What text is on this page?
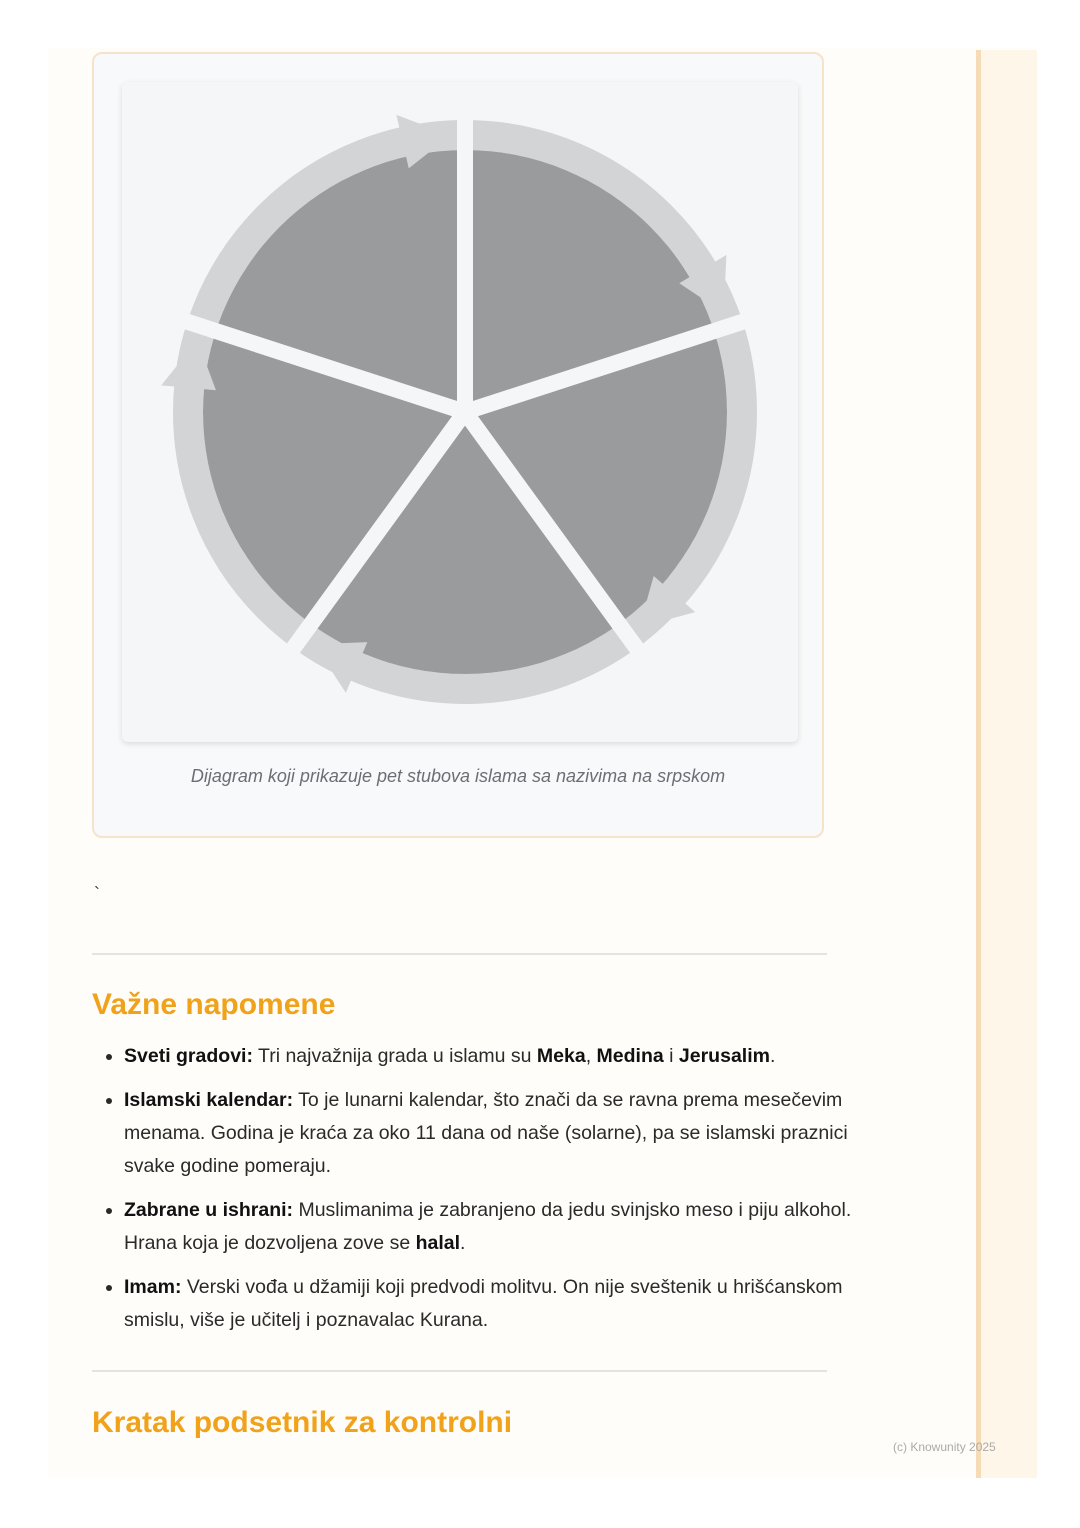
Dijagram koji prikazuje pet stubova islama sa nazivima na srpskom
`
Važne napomene
• Sveti gradovi: Tri najvažnija grada u islamu su Meka, Medina i Jerusalim.
• Islamski kalendar: To je lunarni kalendar, što znači da se ravna prema mesečevim menama. Godina je kraća za oko 11 dana od naše (solarne), pa se islamski praznici svake godine pomeraju.
• Zabrane u ishrani: Muslimanima je zabranjeno da jedu svinjsko meso i piju alkohol. Hrana koja je dozvoljena zove se halal.
• Imam: Verski vođa u džamiji koji predvodi molitvu. On nije sveštenik u hrišćanskom smislu, više je učitelj i poznavalac Kurana.
Kratak podsetnik za kontrolni
(c) Knowunity 2025
